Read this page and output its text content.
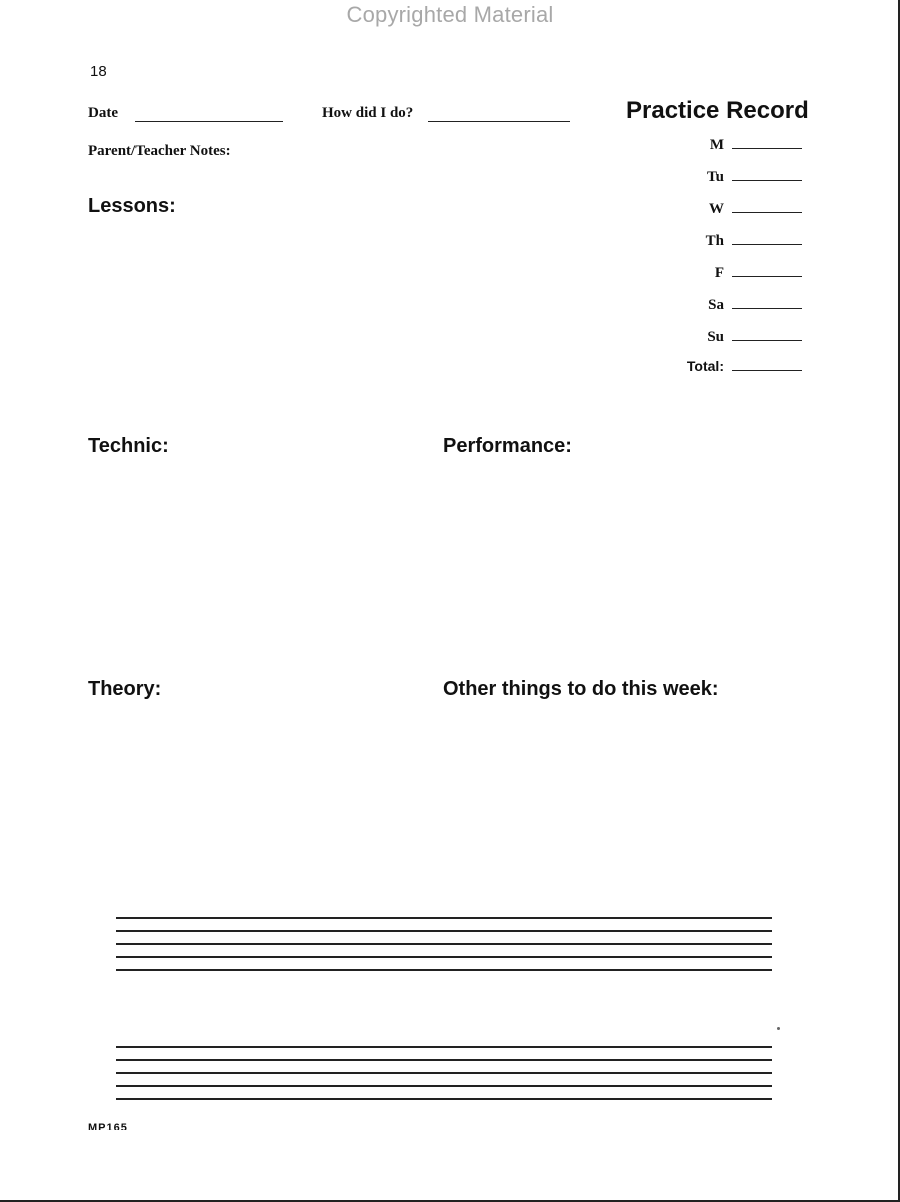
Copyrighted Material
18
Date	How did I do?
Parent/Teacher Notes:
Practice Record
M
Tu
W
Th
F
Sa
Su
Total:
Lessons:
Technic:	Performance:
Theory:	Other things to do this week:
MP165
